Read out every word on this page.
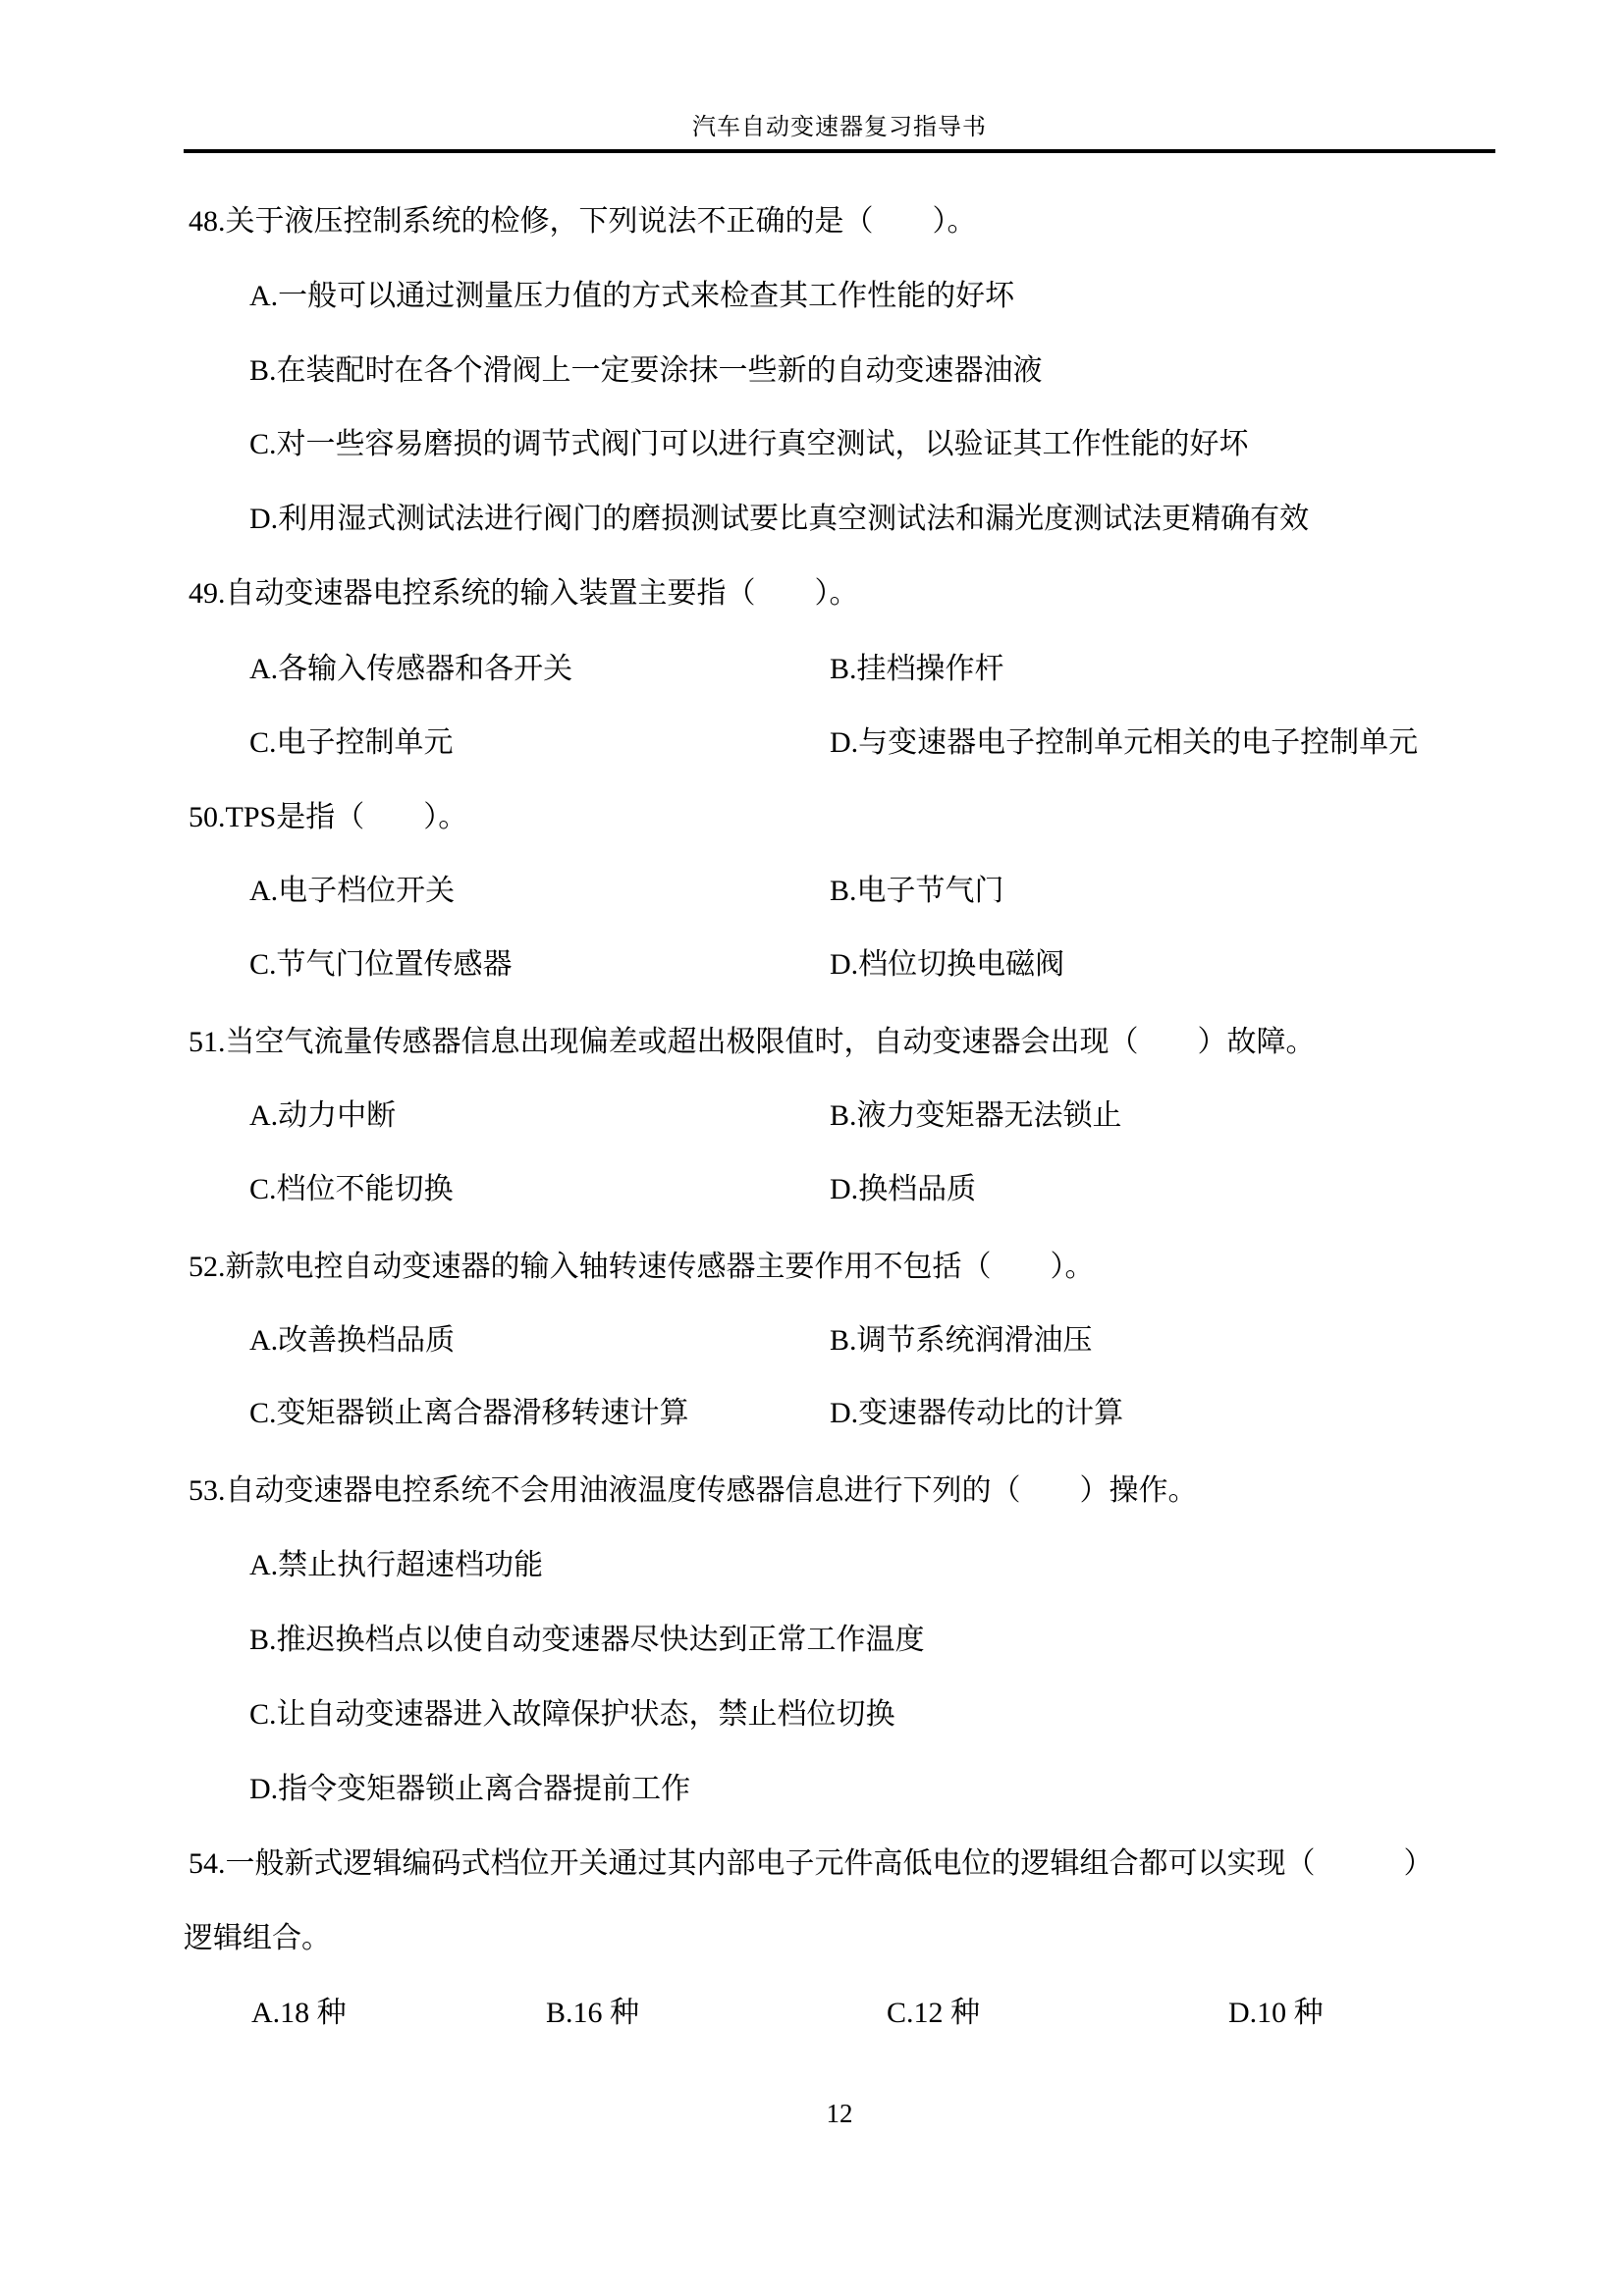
汽车自动变速器复习指导书
48.关于液压控制系统的检修，下列说法不正确的是（　　）。
A.一般可以通过测量压力值的方式来检查其工作性能的好坏
B.在装配时在各个滑阀上一定要涂抹一些新的自动变速器油液
C.对一些容易磨损的调节式阀门可以进行真空测试，以验证其工作性能的好坏
D.利用湿式测试法进行阀门的磨损测试要比真空测试法和漏光度测试法更精确有效
49.自动变速器电控系统的输入装置主要指（　　）。
A.各输入传感器和各开关	B.挂档操作杆
C.电子控制单元	D.与变速器电子控制单元相关的电子控制单元
50.TPS是指（　　）。
A.电子档位开关	B.电子节气门
C.节气门位置传感器	D.档位切换电磁阀
51.当空气流量传感器信息出现偏差或超出极限值时，自动变速器会出现（　　）故障。
A.动力中断	B.液力变矩器无法锁止
C.档位不能切换	D.换档品质
52.新款电控自动变速器的输入轴转速传感器主要作用不包括（　　）。
A.改善换档品质	B.调节系统润滑油压
C.变矩器锁止离合器滑移转速计算	D.变速器传动比的计算
53.自动变速器电控系统不会用油液温度传感器信息进行下列的（　　）操作。
A.禁止执行超速档功能
B.推迟换档点以使自动变速器尽快达到正常工作温度
C.让自动变速器进入故障保护状态，禁止档位切换
D.指令变矩器锁止离合器提前工作
54.一般新式逻辑编码式档位开关通过其内部电子元件高低电位的逻辑组合都可以实现（　　　）
逻辑组合。
A.18 种	B.16 种	C.12 种	D.10 种
12
